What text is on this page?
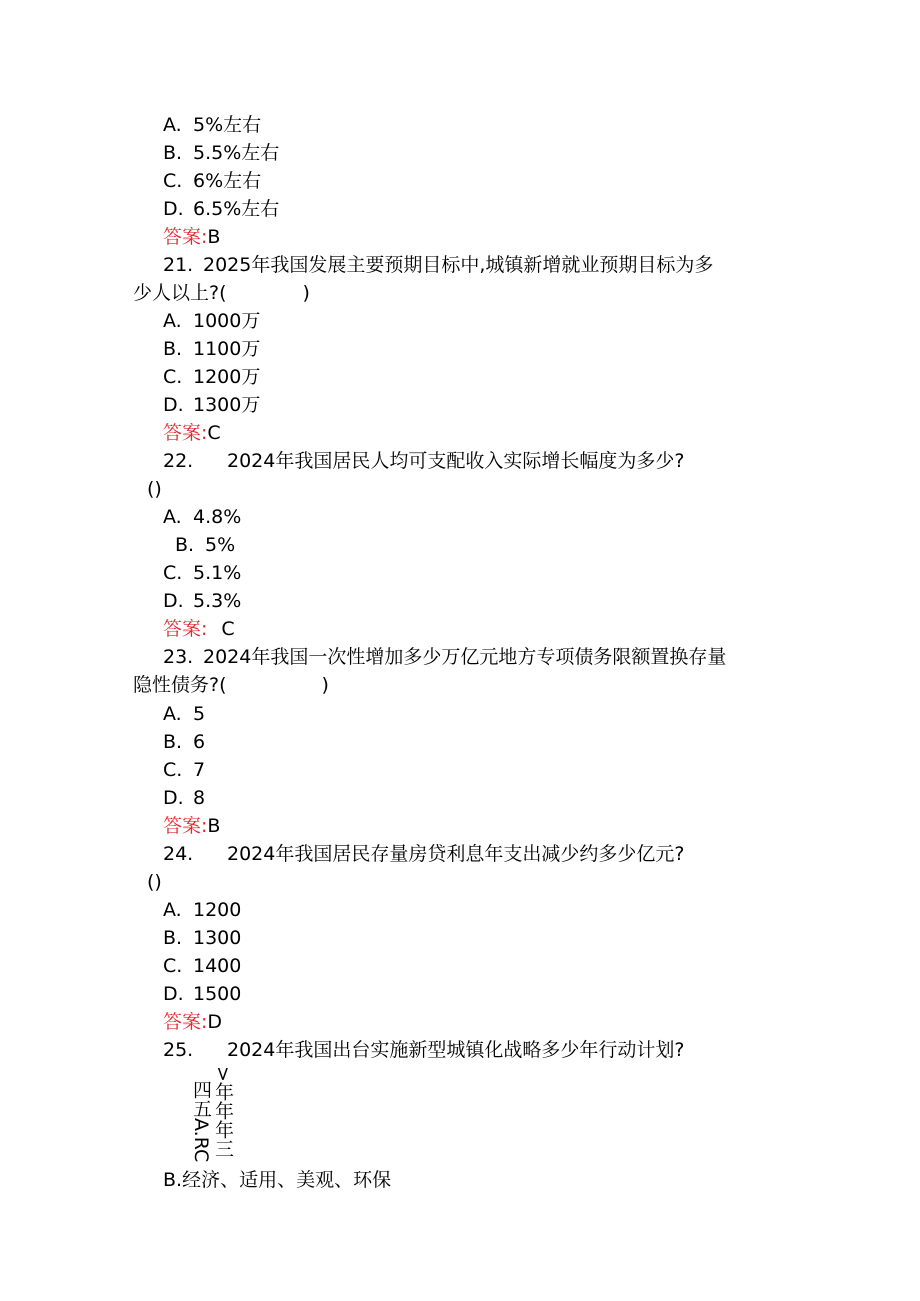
A. 5%左右
B. 5.5%左右
C. 6%左右
D. 6.5%左右
答案:B
21. 2025年我国发展主要预期目标中,城镇新增就业预期目标为多
少人以上?(　　　　)
A. 1000万
B. 1100万
C. 1200万
D. 1300万
答案:C
22. 2024年我国居民人均可支配收入实际增长幅度为多少?
()
A. 4.8%
B. 5%
C. 5.1%
D. 5.3%
答案: C
23. 2024年我国一次性增加多少万亿元地方专项债务限额置换存量
隐性债务?(　　　　　)
A. 5
B. 6
C. 7
D. 8
答案:B
24. 2024年我国居民存量房贷利息年支出减少约多少亿元?
()
A. 1200
B. 1300
C. 1400
D. 1500
答案:D
25. 2024年我国出台实施新型城镇化战略多少年行动计划?
四五A.RC >年年年三
B.经济、适用、美观、环保
